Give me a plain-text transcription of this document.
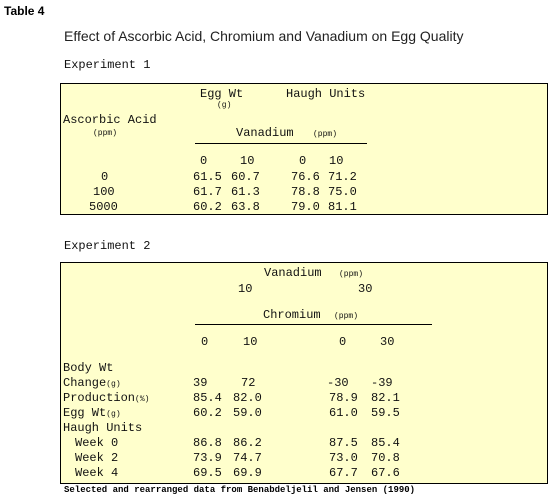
Table 4
Effect of Ascorbic Acid, Chromium and Vanadium on Egg Quality
Experiment 1
Egg Wt
(g)
Haugh Units
Ascorbic Acid
(ppm)	Vanadium (ppm)
0	10	0 10
0	61.5 60.7	76.6 71.2
100	61.7 61.3	78.8 75.0
5000	60.2 63.8	79.0 81.1
Experiment 2
Vanadium (ppm)
10	30
Chromium (ppm)
0	10	0	30
Body Wt
Change(g)	39	72	-30 -39
Production(%)	85.4 82.0	78.9 82.1
Egg Wt(g)	60.2 59.0	61.0 59.5
Haugh Units
Week 0	86.8 86.2	87.5 85.4
Week 2	73.9 74.7	73.0 70.8
Week 4	69.5 69.9	67.7 67.6
Selected and rearranged data from Benabdeljelil and Jensen (1990)
